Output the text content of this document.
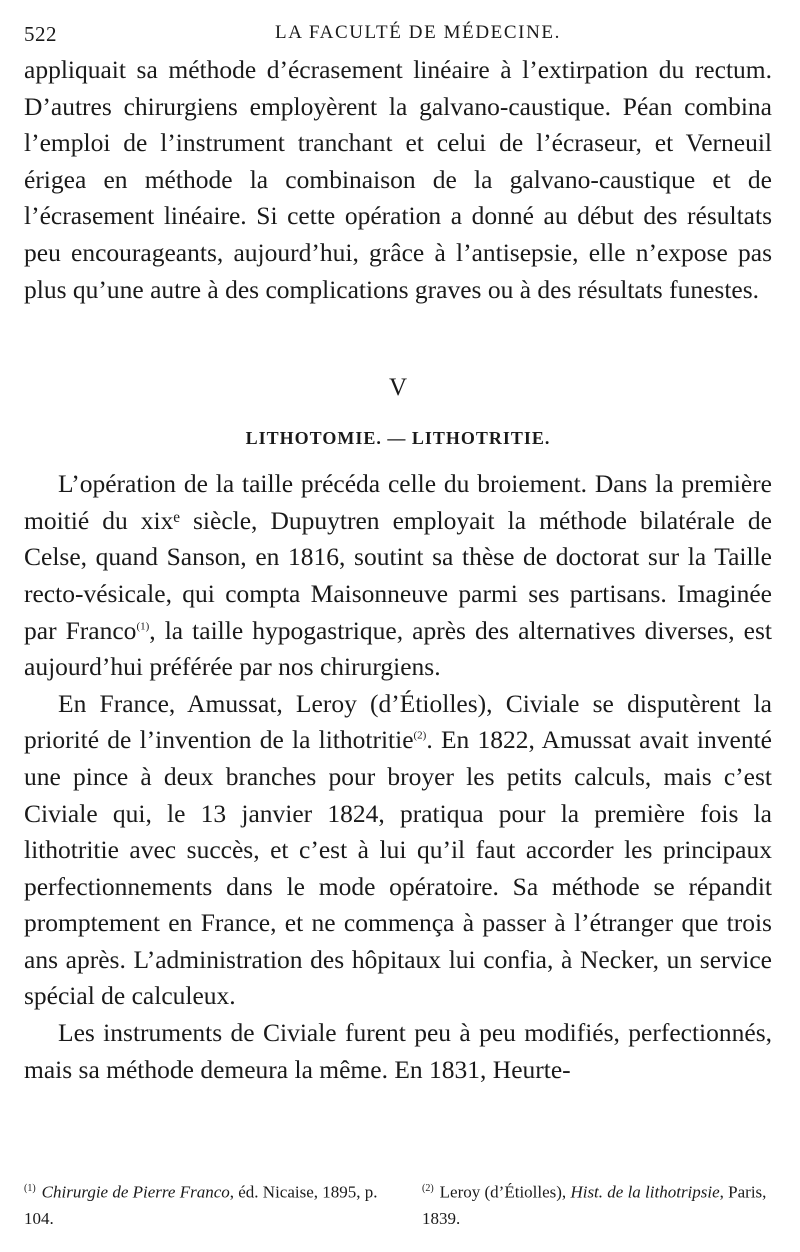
522	LA FACULTÉ DE MÉDECINE.

appliquait sa méthode d’écrasement linéaire à l’extirpation du rectum. D’autres chirurgiens employèrent la galvano-caustique. Péan combina l’emploi de l’instrument tranchant et celui de l’écraseur, et Verneuil érigea en méthode la combinaison de la galvano-caustique et de l’écrasement linéaire. Si cette opération a donné au début des résultats peu encourageants, aujourd’hui, grâce à l’antisepsie, elle n’expose pas plus qu’une autre à des complications graves ou à des résultats funestes.

V
LITHOTOMIE. — LITHOTRITIE.

L’opération de la taille précéda celle du broiement. Dans la première moitié du xixᵉ siècle, Dupuytren employait la méthode bilatérale de Celse, quand Sanson, en 1816, soutint sa thèse de doctorat sur la Taille recto-vésicale, qui compta Maisonneuve parmi ses partisans. Imaginée par Franco$^{(1)}$, la taille hypogastrique, après des alternatives diverses, est aujourd’hui préférée par nos chirurgiens.

En France, Amussat, Leroy (d’Étiolles), Civiale se disputèrent la priorité de l’invention de la lithotritie$^{(2)}$. En 1822, Amussat avait inventé une pince à deux branches pour broyer les petits calculs, mais c’est Civiale qui, le 13 janvier 1824, pratiqua pour la première fois la lithotritie avec succès, et c’est à lui qu’il faut accorder les principaux perfectionnements dans le mode opératoire. Sa méthode se répandit promptement en France, et ne commença à passer à l’étranger que trois ans après. L’administration des hôpitaux lui confia, à Necker, un service spécial de calculeux.

Les instruments de Civiale furent peu à peu modifiés, perfectionnés, mais sa méthode demeura la même. En 1831, Heurte-

$^{(1)}$ Chirurgie de Pierre Franco, éd. Nicaise, 1895, p. 104.
$^{(2)}$ Leroy (d’Étiolles), Hist. de la lithotripsie, Paris, 1839.
